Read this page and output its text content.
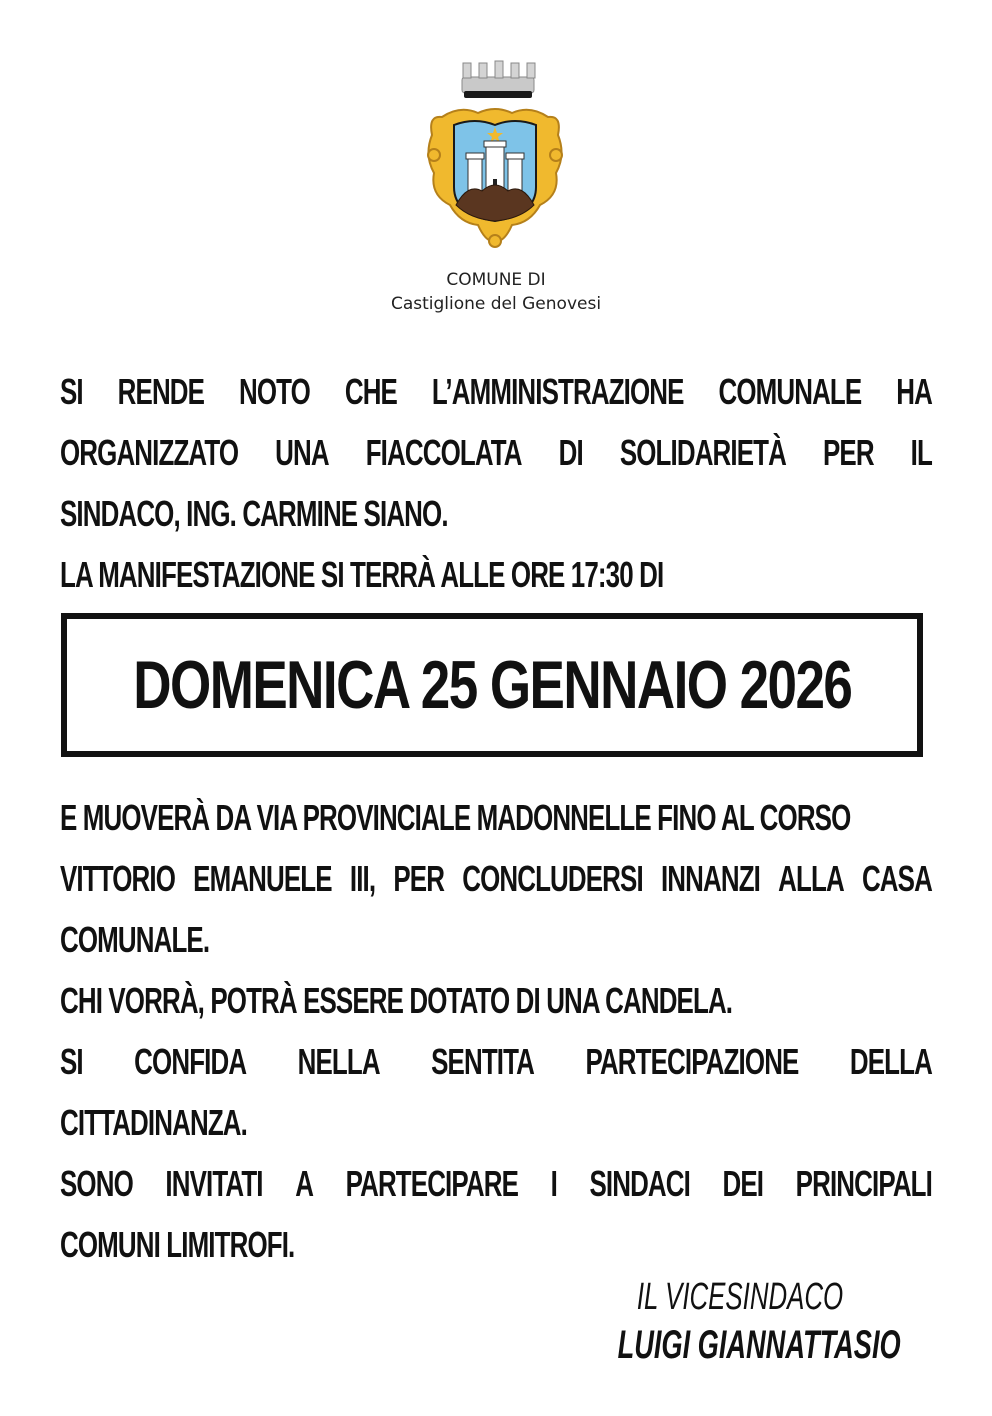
COMUNE DI
Castiglione del Genovesi
SI RENDE NOTO CHE L’AMMINISTRAZIONE COMUNALE HA
ORGANIZZATO UNA FIACCOLATA DI SOLIDARIETÀ PER IL
SINDACO, ING. CARMINE SIANO.
LA MANIFESTAZIONE SI TERRÀ ALLE ORE 17:30 DI
DOMENICA 25 GENNAIO 2026
E MUOVERÀ DA VIA PROVINCIALE MADONNELLE FINO AL CORSO
VITTORIO EMANUELE III, PER CONCLUDERSI INNANZI ALLA CASA
COMUNALE.
CHI VORRÀ, POTRÀ ESSERE DOTATO DI UNA CANDELA.
SI CONFIDA NELLA SENTITA PARTECIPAZIONE DELLA
CITTADINANZA.
SONO INVITATI A PARTECIPARE I SINDACI DEI PRINCIPALI
COMUNI LIMITROFI.
IL VICESINDACO
LUIGI GIANNATTASIO
